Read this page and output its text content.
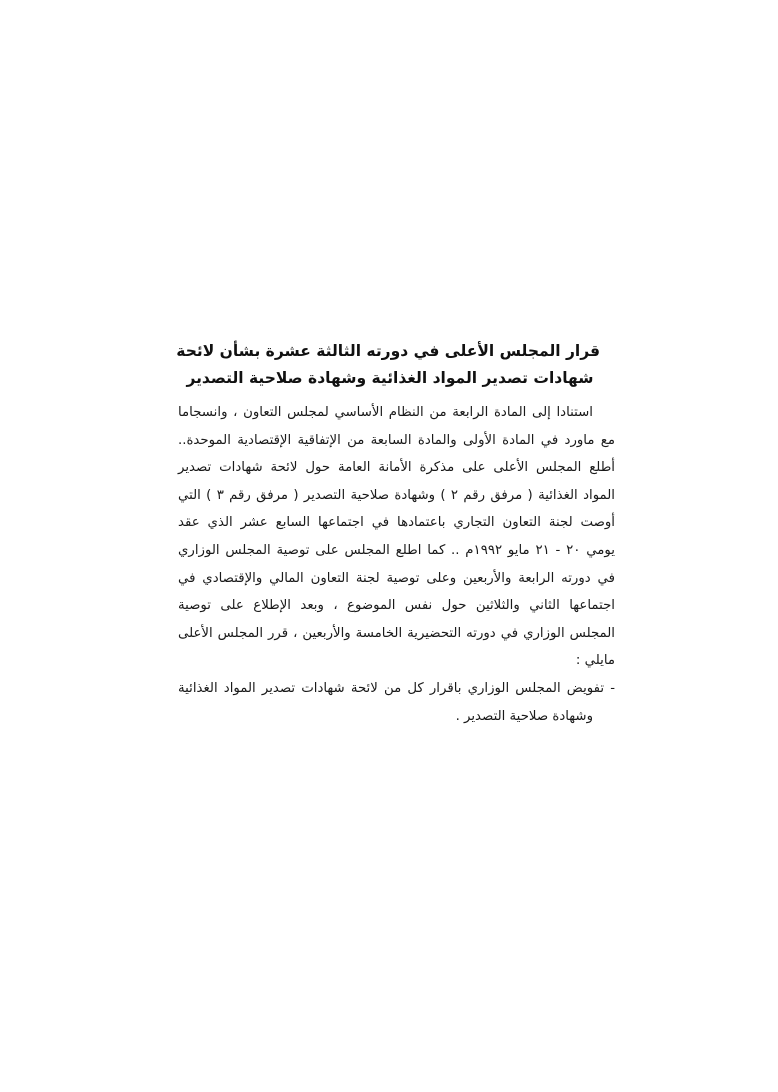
قرار المجلس الأعلى في دورته الثالثة عشرة بشأن لائحة
شهادات تصدير المواد الغذائية وشهادة صلاحية التصدير
استنادا إلى المادة الرابعة من النظام الأساسي لمجلس التعاون ، وانسجاما
مع ماورد في المادة الأولى والمادة السابعة من الإتفاقية الإقتصادية الموحدة..
أطلع المجلس الأعلى على مذكرة الأمانة العامة حول لائحة شهادات تصدير
المواد الغذائية ( مرفق رقم ٢ ) وشهادة صلاحية التصدير ( مرفق رقم ٣ ) التي
أوصت لجنة التعاون التجاري باعتمادها في اجتماعها السابع عشر الذي عقد
يومي ٢٠ - ٢١ مايو ١٩٩٢م .. كما اطلع المجلس على توصية المجلس الوزاري
في دورته الرابعة والأربعين وعلى توصية لجنة التعاون المالي والإقتصادي في
اجتماعها الثاني والثلاثين حول نفس الموضوع ، وبعد الإطلاع على توصية
المجلس الوزاري في دورته التحضيرية الخامسة والأربعين ، قرر المجلس الأعلى
مايلي :
- تفويض المجلس الوزاري باقرار كل من لائحة شهادات تصدير المواد الغذائية
وشهادة صلاحية التصدير .
